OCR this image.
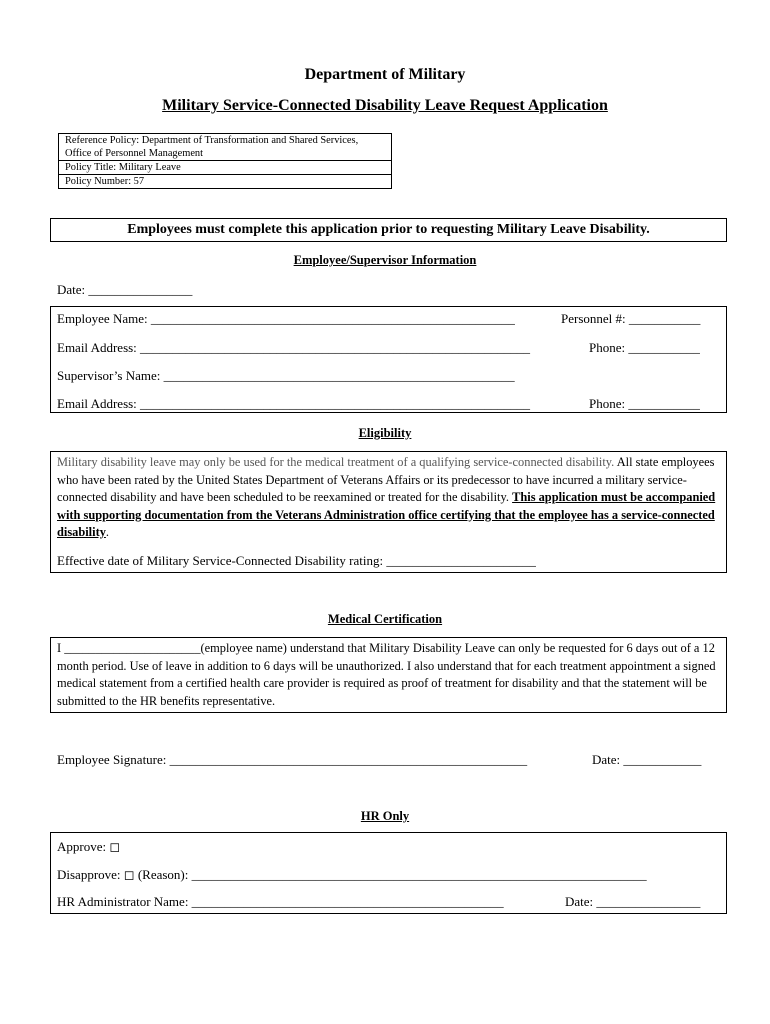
Department of Military
Military Service-Connected Disability Leave Request Application
Reference Policy: Department of Transformation and Shared Services,
Office of Personnel Management
Policy Title: Military Leave
Policy Number: 57
Employees must complete this application prior to requesting Military Leave Disability.
Employee/Supervisor Information
Date: ________________
Employee Name: ________________________________________________________	Personnel #: ___________
Email Address: ____________________________________________________________	Phone: ___________
Supervisor’s Name: ______________________________________________________
Email Address: ____________________________________________________________	Phone: ___________
Eligibility
Military disability leave may only be used for the medical treatment of a qualifying service-connected disability. All state employees who have been rated by the United States Department of Veterans Affairs or its predecessor to have incurred a military service-connected disability and have been scheduled to be reexamined or treated for the disability. This application must be accompanied with supporting documentation from the Veterans Administration office certifying that the employee has a service-connected disability.
Effective date of Military Service-Connected Disability rating: _______________________
Medical Certification
I ______________________(employee name) understand that Military Disability Leave can only be requested for 6 days out of a 12 month period. Use of leave in addition to 6 days will be unauthorized. I also understand that for each treatment appointment a signed medical statement from a certified health care provider is required as proof of treatment for disability and that the statement will be submitted to the HR benefits representative.
Employee Signature: _______________________________________________________	Date: ____________
HR Only
Approve: ◻
Disapprove: ◻ (Reason): ______________________________________________________________________
HR Administrator Name: ________________________________________________	Date: ________________
